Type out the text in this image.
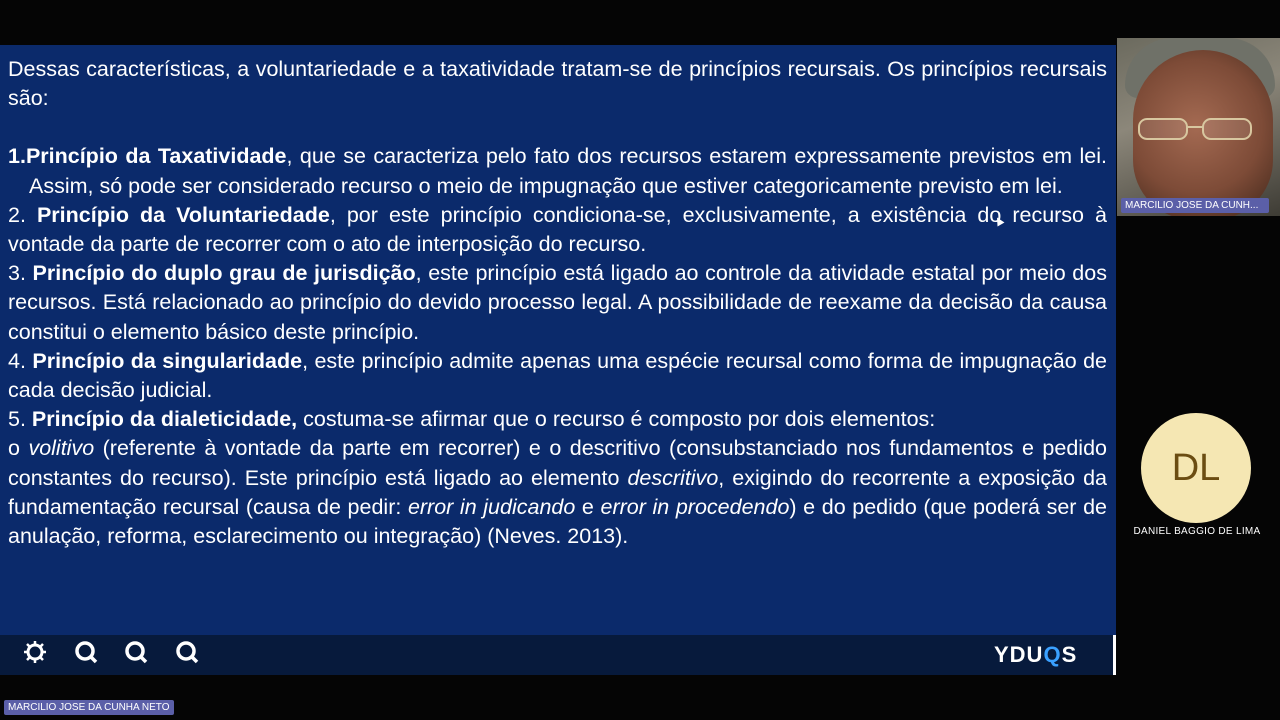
Dessas características, a voluntariedade e a taxatividade tratam-se de princípios recursais. Os princípios recursais são:

1.Princípio da Taxatividade, que se caracteriza pelo fato dos recursos estarem expressamente previstos em lei. Assim, só pode ser considerado recurso o meio de impugnação que estiver categoricamente previsto em lei.

2. Princípio da Voluntariedade, por este princípio condiciona-se, exclusivamente, a existência do recurso à vontade da parte de recorrer com o ato de interposição do recurso.

3. Princípio do duplo grau de jurisdição, este princípio está ligado ao controle da atividade estatal por meio dos recursos. Está relacionado ao princípio do devido processo legal. A possibilidade de reexame da decisão da causa constitui o elemento básico deste princípio.

4. Princípio da singularidade, este princípio admite apenas uma espécie recursal como forma de impugnação de cada decisão judicial.

5. Princípio da dialeticidade, costuma-se afirmar que o recurso é composto por dois elementos:

o volitivo (referente à vontade da parte em recorrer) e o descritivo (consubstanciado nos fundamentos e pedido constantes do recurso). Este princípio está ligado ao elemento descritivo, exigindo do recorrente a exposição da fundamentação recursal (causa de pedir: error in judicando e error in procedendo) e do pedido (que poderá ser de anulação, reforma, esclarecimento ou integração) (Neves. 2013).

YDUQS
MARCILIO JOSE DA CUNH...
DL
DANIEL BAGGIO DE LIMA
MARCILIO JOSE DA CUNHA NETO
